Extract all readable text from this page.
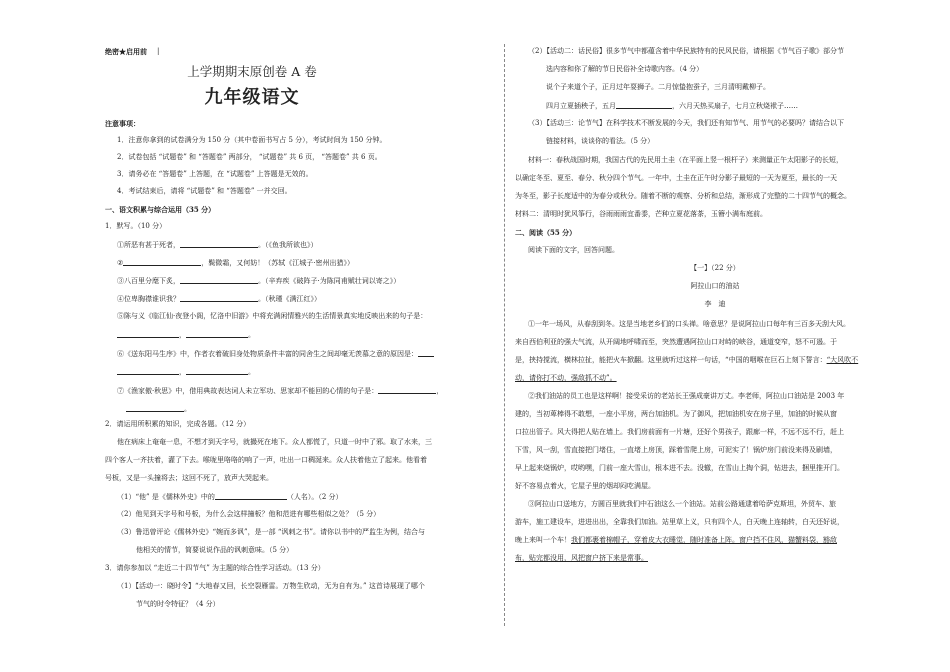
绝密★启用前 |
上学期期末原创卷 A 卷
九年级语文
注意事项：
1．注意你拿到的试卷满分为 150 分（其中卷面书写占 5 分），考试时间为 150 分钟。
2．试卷包括 “试题卷” 和 “答题卷” 两部分， “试题卷” 共 6 页， “答题卷” 共 6 页。
3．请务必在 “答题卷” 上答题，在 “试题卷” 上答题是无效的。
4．考试结束后，请将 “试题卷” 和 “答题卷” 一并交回。
一、语文积累与综合运用（35 分）
1．默写。（10 分）
①所恶有甚于死者，	。（《鱼我所欲也》）
②	，鬓微霜，又何妨！（苏轼《江城子·密州出猎》）
③八百里分麾下炙，	。（辛弃疾《破阵子·为陈同甫赋壮词以寄之》）
④位卑胸襟谁识我？	。（秋瑾《满江红》）
⑤陈与义《临江仙·夜登小阁，忆洛中旧游》中将充满闲情雅兴的生活情景真实地反映出来的句子是：
，	。
⑥《送东阳马生序》中，作者衣着破旧身处物质条件丰富的同舍生之间却毫无羡慕之意的原因是：
，	。
⑦《渔家傲·秋思》中，借用典故表达词人未立军功、思家却不能回的心情的句子是：	，
。
2．请运用所积累的知识，完成各题。（12 分）
他在病床上奄奄一息，不想才到天字号，就撮死在地下。众人都慌了，只道一时中了邪。取了水来，三
四个客人一齐扶着，灌了下去。喉咙里咯咯的响了一声，吐出一口稠涎来。众人扶着他立了起来。他看着
号板，又是一头撞将去；这回不死了，放声大哭起来。
（1）“他” 是《儒林外史》中的	（人名）。（2 分）
（2）他见到天字号和号板，为什么会这样撞板？他和范进有哪些相似之处？（5 分）
（3）鲁迅曾评论《儒林外史》“婉而多讽”，是一部 “讽刺之书”。请你以书中的严监生为例，结合与
他相关的情节，简要说说作品的讽刺意味。（5 分）
3．请你参加以 “走近二十四节气” 为主题的综合性学习活动。（13 分）
（1）【活动一：晓时令】“大地春又回，长空裂雁雷。万物生欣动，无为自有为。” 这首诗展现了哪个
节气的时令特征？（4 分）
（2）【活动二：话民俗】很多节气中都蕴含着中华民族特有的民风民俗，请根据《节气百子歌》部分节
选内容和你了解的节日民俗补全诗歌内容。（4 分）
说个子来道个子，正月过年耍狮子。二月惊蛰抱蚕子，三月清明戴柳子。
四月立夏插秧子，五月	，六月天热买扇子，七月立秋烧袱子……
（3）【活动三：论节气】在科学技术不断发展的今天，我们还有知节气、用节气的必要吗？请结合以下
链接材料，谈谈你的看法。（5 分）
材料一：春秋战国时期，我国古代的先民用土圭（在平面上竖一根杆子）来测量正午太阳影子的长短，
以确定冬至、夏至、春分、秋分四个节气。一年中，土圭在正午时分影子最短的一天为夏至，最长的一天
为冬至，影子长度适中的为春分或秋分。随着不断的观察、分析和总结，渐形成了完整的二十四节气的概念。
材料二：清明时犹风筝行，谷雨雨雨宜番黍，芒种立夏花落茶，玉簪小满布庭前。
二、阅读（55 分）
阅读下面的文字，回答问题。
【一】（22 分）
阿拉山口的油站
李　迪
①一年一场风，从春刮到冬。这是当地老乡们的口头禅。啥意思？是说阿拉山口每年有三百多天刮大风。
来自西伯利亚的强大气流，从开阔地呼啸而至，突然遭遇阿拉山口对峙的峡谷，通道变窄，怒不可遏。于
是，挟持搅流，横林拉扯，能把火车掀翻。这里就听过这样一句话，“中国的咽喉在巨石上刻下誓言：“大风吹不
动，请你打不动，强敌抓不动”。
②我们油站的员工也是这样啊！接受采访的老站长王强成豪讲万丈。李老师，阿拉山口油站是 2003 年
建的，当初萆棒得不敢想，一座小平房，两台加油机。为了御风，把加油机安在房子里，加油的时候从窗
口拉出管子。风大得把人贴在墙上。我们房前面有一片塘，还好个男孩子，跟廊一样，不远不远不行，赶上
下雪，风一刮，雪直接把门堵住，一直堵上房顶，踩着雪爬上房，可泥实了！锅炉房门前没来得及刷墙，
早上起来烧锅炉，哎哟嘿，门前一座大雪山，根本进不去。没辙，在雪山上掏个洞，钻进去，捆里推开门。
好不容易点着火，它屋子里的烟却闷吃满屋。
③阿拉山口送地方，方圆百里就我们中石油这么一个油站。站前公路通逮着哈萨克斯坦，外贸车、旅
游车，施工建设车，进进出出，全靠我们加油。站里草上义，只有四个人，白天晚上连轴转，白天还好说，
晚上来叫一个车！我们都裹着棉帽子，穿着皮大衣睡觉，随时准备上阵。窗户挡不住风，猫蟹料袋，豁敌
布，贴完都没用，风把窗户挤下来是常事。
